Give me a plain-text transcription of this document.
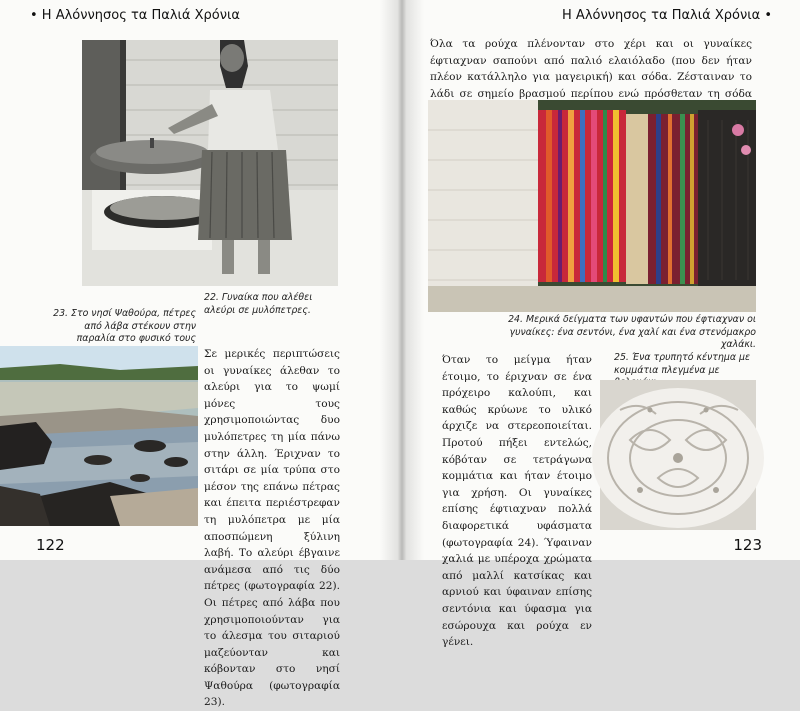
• Η Αλόννησος τα Παλιά Χρόνια
22. Γυναίκα που αλέθει αλεύρι σε μυλόπετρες.
23. Στο νησί Ψαθούρα, πέτρες από λάβα στέκουν στην παραλία στο φυσικό τους
Σε μερικές περιπτώσεις οι γυναίκες άλεθαν το αλεύρι για το ψωμί μόνες τους χρησιμοποιώντας δυο μυλόπετρες τη μία πάνω στην άλλη. Έριχναν το σιτάρι σε μία τρύπα στο μέσον της επάνω πέτρας και έπειτα περιέστρεφαν τη μυλόπετρα με μία αποσπώμενη ξύλινη λαβή. Το αλεύρι έβγαινε ανάμεσα από τις δύο πέτρες (φωτογραφία 22). Οι πέτρες από λάβα που χρησιμοποιούνταν για το άλεσμα του σιταριού μαζεύονταν και κόβονταν στο νησί Ψαθούρα (φωτογραφία 23).
122
Η Αλόννησος τα Παλιά Χρόνια •
Όλα τα ρούχα πλένονταν στο χέρι και οι γυναίκες έφτιαχναν σαπούνι από παλιό ελαιόλαδο (που δεν ήταν πλέον κατάλληλο για μαγειρική) και σόδα. Ζέσταιναν το λάδι σε σημείο βρασμού περίπου ενώ πρόσθεταν τη σόδα
24. Μερικά δείγματα των υφαντών που έφτιαχναν οι γυναίκες: ένα σεντόνι, ένα χαλί και ένα στενόμακρο χαλάκι.
Όταν το μείγμα ήταν έτοιμο, το έριχναν σε ένα πρόχειρο καλούπι, και καθώς κρύωνε το υλικό άρχιζε να στερεοποιείται. Πρoτού πήξει εντελώς, κόβόταν σε τετράγωνα κομμάτια και ήταν έτοιμο για χρήση. Οι γυναίκες επίσης έφτιαχναν πολλά διαφορετικά υφάσματα (φωτογραφία 24). Ύφαιναν χαλιά με υπέροχα χρώματα από μαλλί κατσίκας και αρνιού και ύφαιναν επίσης σεντόνια και ύφασμα για εσώρουχα και ρούχα εν γένει.
25. Ένα τρυπητό κέντημα με κομμάτια πλεγμένα με
123
